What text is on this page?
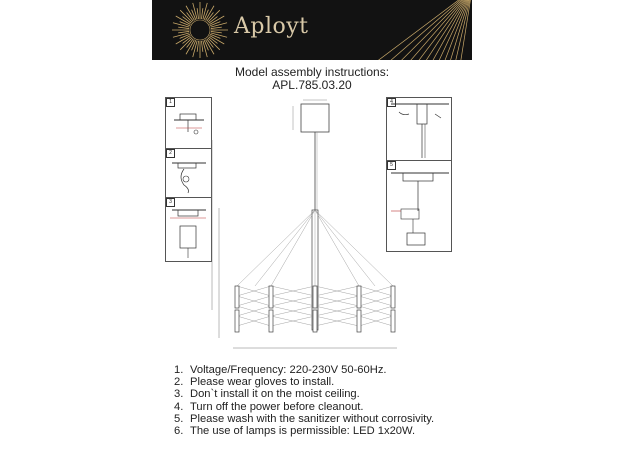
Aployt
Model assembly instructions:
APL.785.03.20
1
2
3
4
5
1. Voltage/Frequency: 220-230V 50-60Hz.
2. Please wear gloves to install.
3. Don`t install it on the moist ceiling.
4. Turn off the power before cleanout.
5. Please wash with the sanitizer without corrosivity.
6. The use of lamps is permissible: LED 1x20W.
